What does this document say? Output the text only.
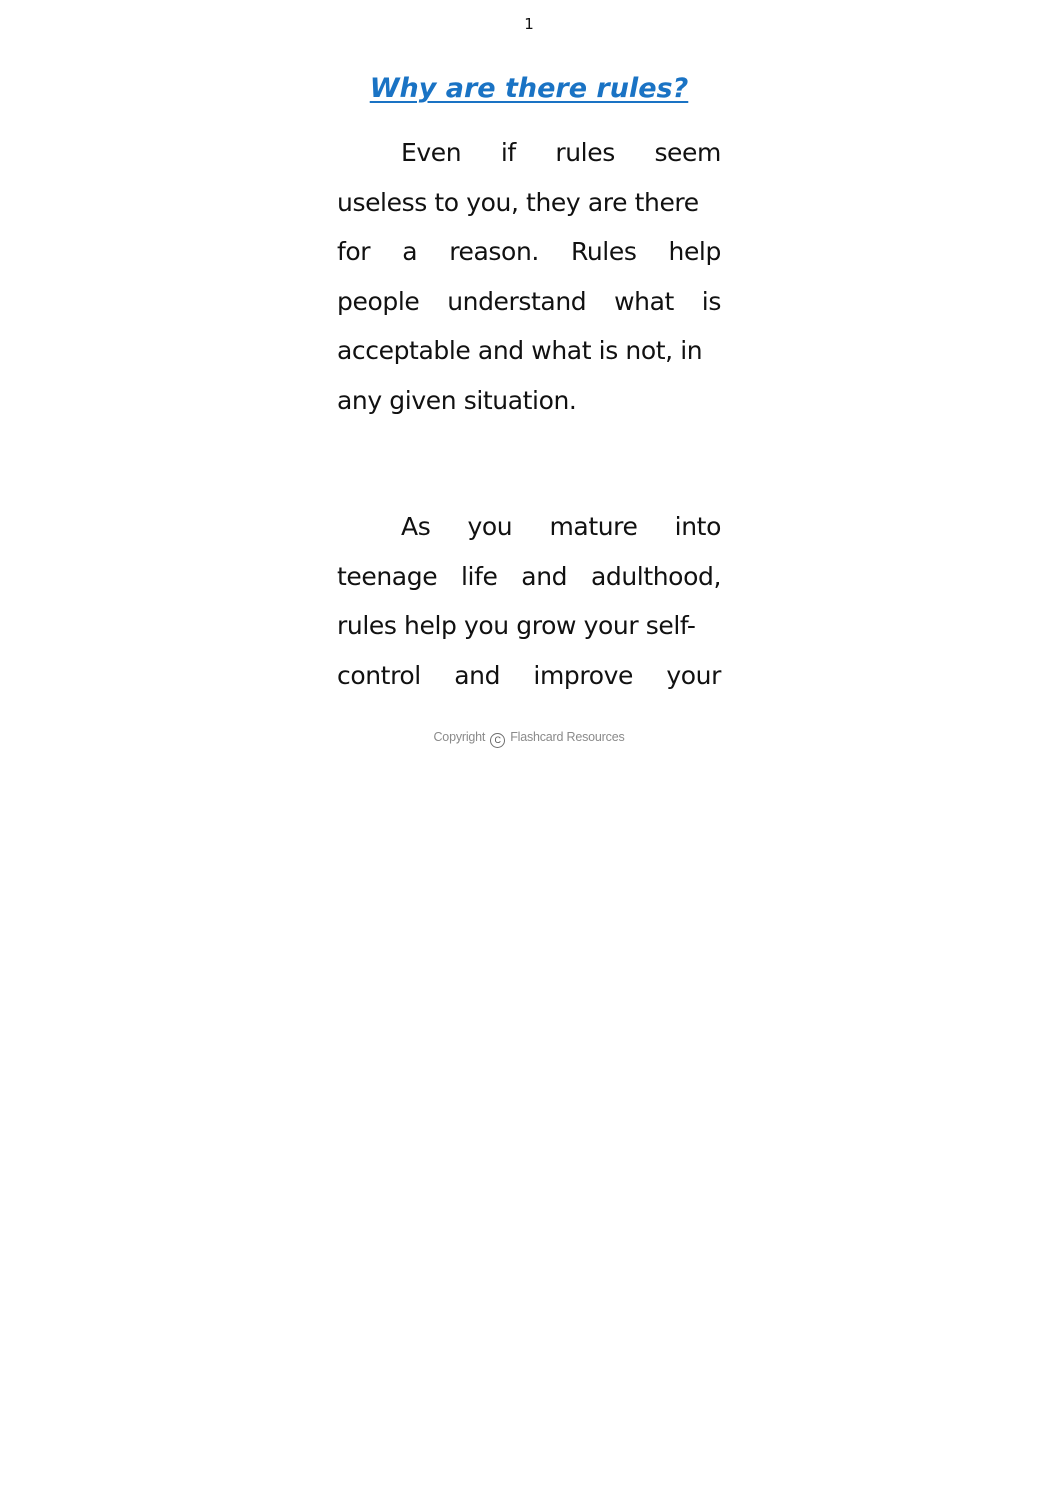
1
Why are there rules?
Even if rules seem
useless to you, they are there
for a reason. Rules help
people understand what is
acceptable and what is not, in
any given situation.
As you mature into
teenage life and adulthood,
rules help you grow your self-
control and improve your
Copyright C Flashcard Resources
